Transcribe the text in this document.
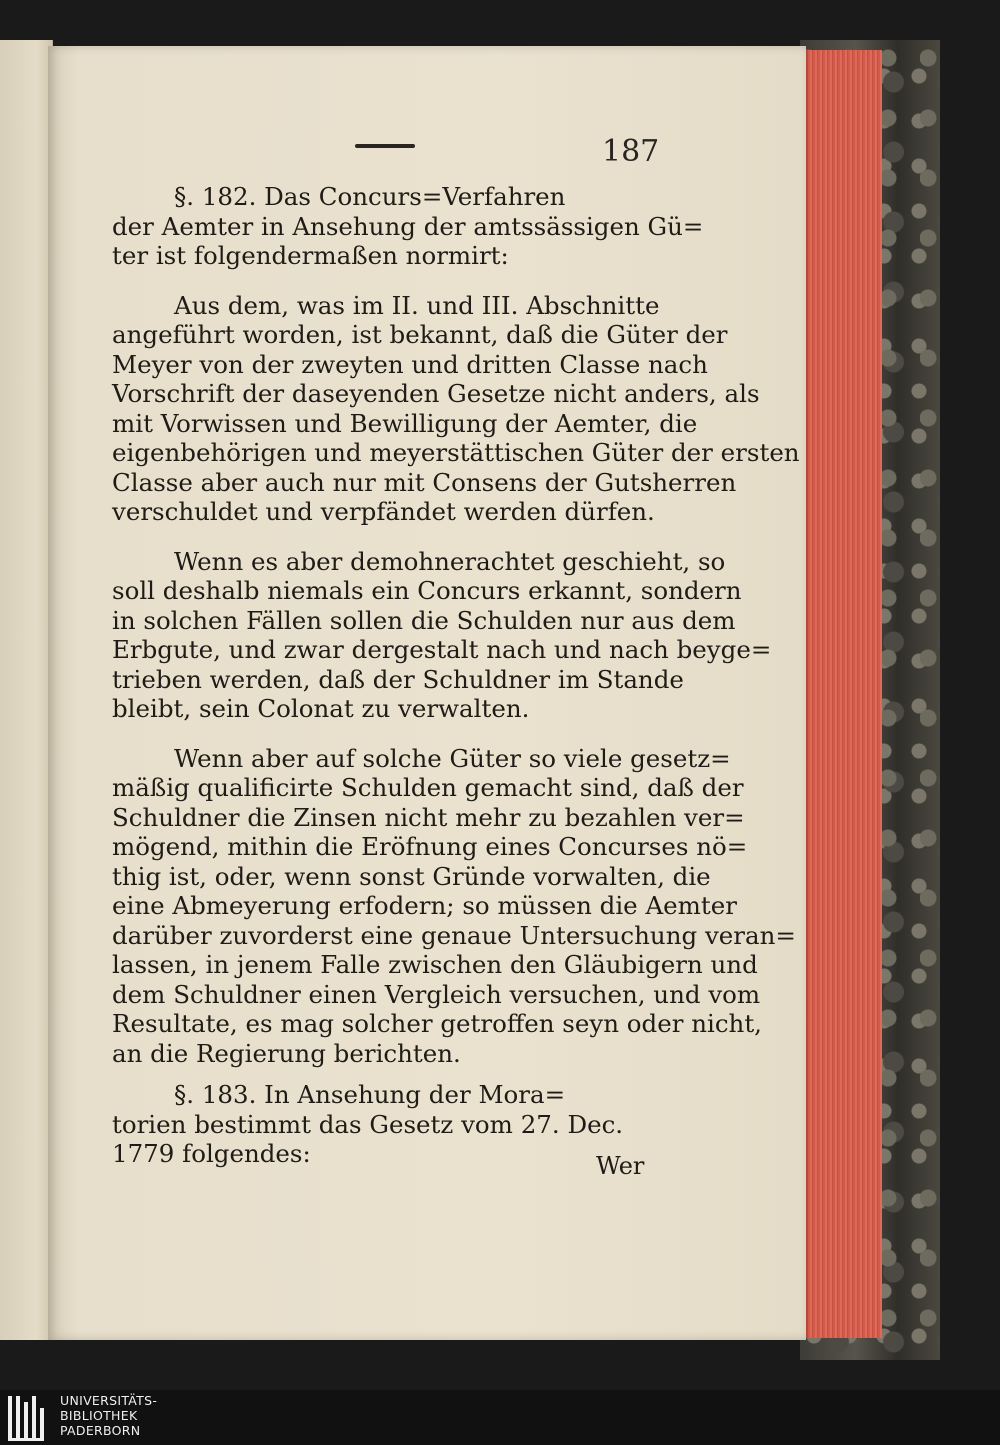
187
§. 182. Das Concurs=Verfahren
der Aemter in Ansehung der amtssässigen Gü=
ter ist folgendermaßen normirt:
Aus dem, was im II. und III. Abschnitte
angeführt worden, ist bekannt, daß die Güter der
Meyer von der zweyten und dritten Classe nach
Vorschrift der daseyenden Gesetze nicht anders, als
mit Vorwissen und Bewilligung der Aemter, die
eigenbehörigen und meyerstättischen Güter der ersten
Classe aber auch nur mit Consens der Gutsherren
verschuldet und verpfändet werden dürfen.
Wenn es aber demohnerachtet geschieht, so
soll deshalb niemals ein Concurs erkannt, sondern
in solchen Fällen sollen die Schulden nur aus dem
Erbgute, und zwar dergestalt nach und nach beyge=
trieben werden, daß der Schuldner im Stande
bleibt, sein Colonat zu verwalten.
Wenn aber auf solche Güter so viele gesetz=
mäßig qualificirte Schulden gemacht sind, daß der
Schuldner die Zinsen nicht mehr zu bezahlen ver=
mögend, mithin die Eröfnung eines Concurses nö=
thig ist, oder, wenn sonst Gründe vorwalten, die
eine Abmeyerung erfodern; so müssen die Aemter
darüber zuvorderst eine genaue Untersuchung veran=
lassen, in jenem Falle zwischen den Gläubigern und
dem Schuldner einen Vergleich versuchen, und vom
Resultate, es mag solcher getroffen seyn oder nicht,
an die Regierung berichten.
§. 183. In Ansehung der Mora=
torien bestimmt das Gesetz vom 27. Dec.
1779 folgendes:	Wer
UNIVERSITÄTS-
BIBLIOTHEK
PADERBORN
